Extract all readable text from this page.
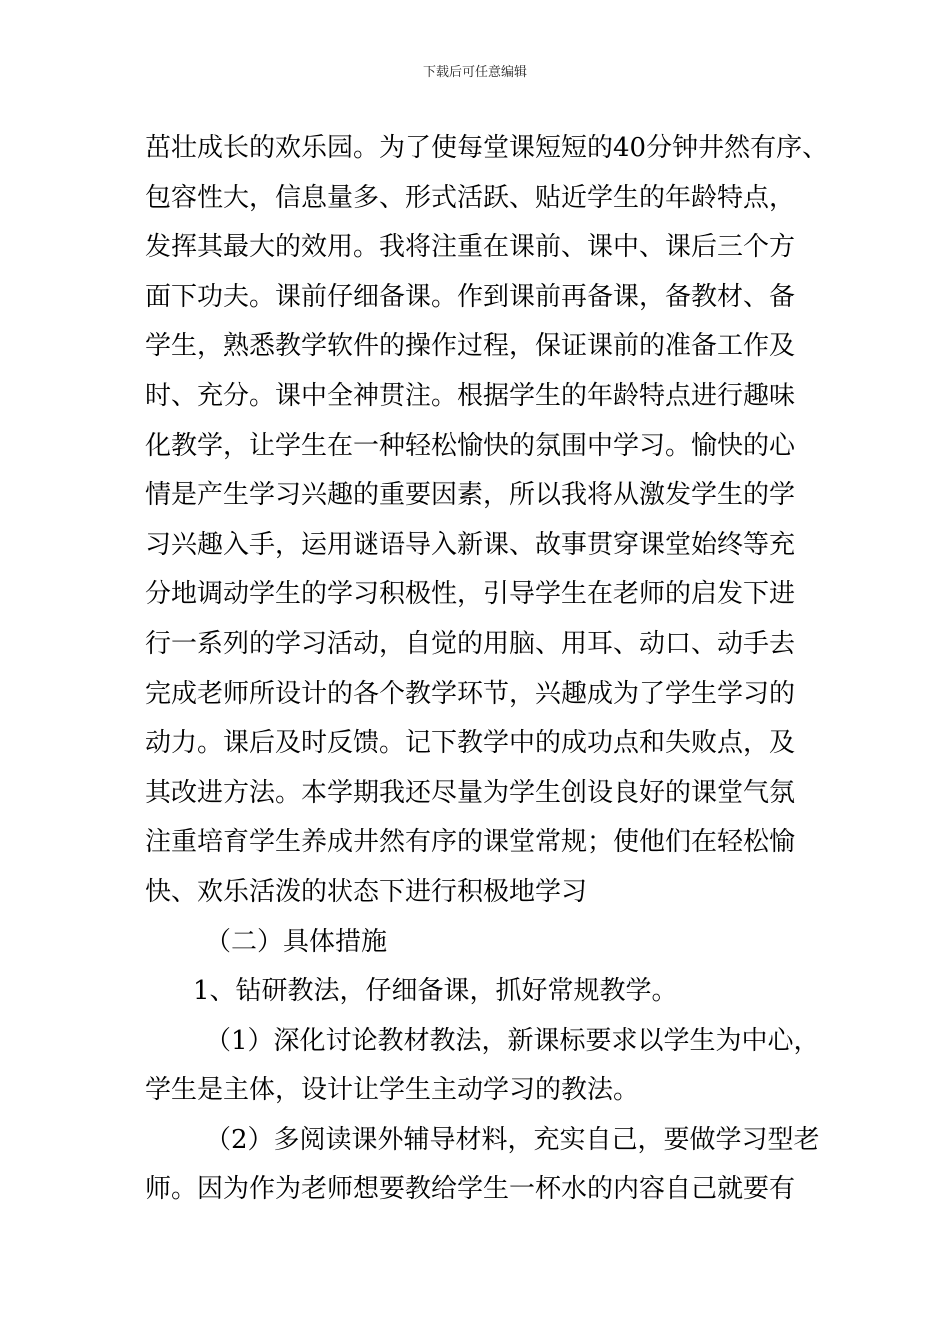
下载后可任意编辑
茁壮成长的欢乐园。为了使每堂课短短的40分钟井然有序、
包容性大，信息量多、形式活跃、贴近学生的年龄特点，
发挥其最大的效用。我将注重在课前、课中、课后三个方
面下功夫。课前仔细备课。作到课前再备课，备教材、备
学生，熟悉教学软件的操作过程，保证课前的准备工作及
时、充分。课中全神贯注。根据学生的年龄特点进行趣味
化教学，让学生在一种轻松愉快的氛围中学习。愉快的心
情是产生学习兴趣的重要因素，所以我将从激发学生的学
习兴趣入手，运用谜语导入新课、故事贯穿课堂始终等充
分地调动学生的学习积极性，引导学生在老师的启发下进
行一系列的学习活动，自觉的用脑、用耳、动口、动手去
完成老师所设计的各个教学环节，兴趣成为了学生学习的
动力。课后及时反馈。记下教学中的成功点和失败点，及
其改进方法。本学期我还尽量为学生创设良好的课堂气氛
注重培育学生养成井然有序的课堂常规；使他们在轻松愉
快、欢乐活泼的状态下进行积极地学习
（二）具体措施
1、钻研教法，仔细备课，抓好常规教学。
（1）深化讨论教材教法，新课标要求以学生为中心，
学生是主体，设计让学生主动学习的教法。
（2）多阅读课外辅导材料，充实自己，要做学习型老
师。因为作为老师想要教给学生一杯水的内容自己就要有
